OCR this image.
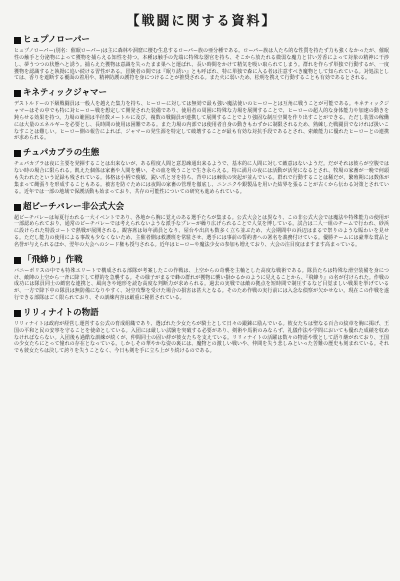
【戦闘に関する資料】
ヒュプノローパー

ヒュプノローパー(別名：催眠ローパー)は主に森林や洞窟に棲む生息するローパー族の亜分種である。ローパー族は人たち的な性質を持たず力も強くなかったが、催眠性の触手と分泌物によって獲物を捕らえる知性を持つ。本種は触手の先端に特殊な器官を持ち、そこから放たれる微弱な魔力と甘い芳香によって対象の精神に干渉し、夢うつつの状態へと誘う。捕らえた獲物は意識を失ったまま巣へと運ばれ、長い時間をかけて精気を吸い取られてしまう。群れを作らず単独で行動するが、一度獲物を認識すると執拗に追い続ける習性がある。冒険者の間では『眠り誘い』とも呼ばれ、特に単独で森に入る者は注意すべき魔物として知られている。対処法としては、香りを遮断する覆面の着用や、精神防護の護符を身につけることが推奨される。また火に弱いため、松明を携えて行動することも有効であるとされる。

キネティックジャマー

デストルドーの下級戦闘員は一般人を越えた集力を持ち、ヒーローに対しては無効で最も強い魔法使いのヒーローとは互角に戦うことが可能である。キネティックジャマーはその中でも特に対ヒーロー戦を想定して開発された装備であり、使用者の周囲に特殊な力場を展開することで、ヒーローの超人的な身体能力や加速の動きを鈍らせる効果を持つ。力場の範囲は半径数メートルに及び、複数の戦闘員が連携して展開することでより強固な制圧空間を作り出すことができる。ただし装置の稼働には大量のエネルギーを必要とし、長時間の使用は困難である。また力場の内部では使用者自身の動きもわずかに制限されるため、熟練した戦闘員でなければ扱いこなすことは難しい。ヒーロー側の報告によれば、ジャマーの発生源を特定して破壊することが最も有効な対抗手段であるとされ、索敵能力に優れたヒーローとの連携が求められる。

チュパカブラの生態

チュパカブラは夜に主要を発揮することは出来ないが、ある程度人間と意思疎通出来るようで、基本的に人間に対して敵意はないようだ。だがそれは彼らが空腹ではない時の場合に限られる。飢えた個体は家畜や人間を襲い、その血を吸うことで生き永らえる。特に満月の夜には活動が活発になるとされ、牧場の家畜が一晩で何頭も失われたという記録も残されている。体格は小柄で俊敏、鋭い爪と牙を持ち、背中には棘状の突起が並んでいる。群れで行動することは稀だが、繁殖期には数体が集まって縄張りを形成することもある。被害を防ぐためには夜間の家畜の管理を徹底し、ニンニクや銀製品を用いた結界を張ることが古くから伝わる対策とされている。近年では一部の地域で保護活動も始まっており、共存の可能性についての研究も進められている。

超ビーチバレー非公式大会

超ビーチバレーは毎夏行われる一大イベントであり、各地から腕に覚えのある選手たちが集まる。公式大会とは異なり、この非公式大会では魔法や特殊能力の使用が一部認められており、通常のビーチバレーでは考えられないような派手なプレーが繰り広げられることで人気を博している。試合は二人一組のチームで行われ、砂浜に設けられた特設コートで熱戦が展開される。観客席は毎年満員となり、屋台や出店も数多く立ち並ぶため、大会期間中の浜辺はまるで祭りのような賑わいを見せる。ただし能力の使用による事故も少なくないため、主催者側は救護班を常駐させ、選手には事前の誓約書への署名を義務付けている。優勝チームには豪華な賞品と名誉が与えられるほか、翌年の大会へのシード権も授与される。近年はヒーローや魔法少女の参加も増えており、大会の注目度はますます高まっている。

「飛蜂り」作戦

バニーボリスの中でも特殊エリートで構成される部隊が考案したこの作戦は、上空からの奇襲を主軸とした高度な戦術である。隊員たちは特殊な滑空装備を身につけ、敵陣の上空から一斉に降下して標的を急襲する。その様子がまるで蜂の群れが獲物に襲い掛かるかのように見えることから、『飛蜂り』の名が付けられた。作戦の成功には隊員同士の緻密な連携と、風向きや地形を読む高度な判断力が求められる。過去の実戦では敵の拠点を短時間で制圧するなど目覚ましい戦果を挙げているが、一方で降下中の隊員は無防備になりやすく、対空攻撃を受けた場合の損害は甚大となる。そのため作戦の実行前には入念な偵察が欠かせない。現在この作戦を遂行できる部隊はごく限られており、その訓練内容は厳重に秘匿されている。

リリィナイトの物語

リリィナイトは政府が経営し運営する公式の育成組織であり、選ばれた少女たちが騎士として日々の鍛錬に励んでいる。彼女たちは聖なる百合の紋章を胸に掲げ、王国の平和と民の安寧を守ることを使命としている。入団には厳しい試験を突破する必要があり、剣術や馬術のみならず、礼儀作法や学問においても優れた成績を収めなければならない。入団後も過酷な訓練が続くが、仲間同士の固い絆が彼女たちを支えている。リリィナイトの活躍は数々の物語や歌として語り継がれており、王国の少女たちにとって憧れの存在となっている。しかしその華やかな姿の裏には、魔物との激しい戦いや、仲間を失う悲しみといった苦難の歴史も刻まれている。それでも彼女たちは決して誇りを失うことなく、今日も剣を手に立ち上がり続けるのである。
